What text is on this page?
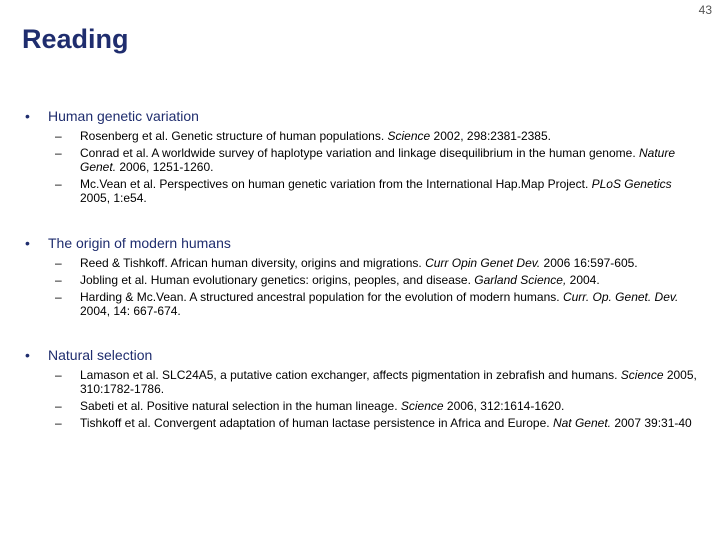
43
Reading
•	Human genetic variation
–	Rosenberg et al. Genetic structure of human populations. Science 2002, 298:2381-2385.
–	Conrad et al. A worldwide survey of haplotype variation and linkage disequilibrium in the human genome. Nature Genet. 2006, 1251-1260.
–	Mc.Vean et al. Perspectives on human genetic variation from the International Hap.Map Project. PLoS Genetics 2005, 1:e54.
•	The origin of modern humans
–	Reed & Tishkoff. African human diversity, origins and migrations. Curr Opin Genet Dev. 2006 16:597-605.
–	Jobling et al. Human evolutionary genetics: origins, peoples, and disease. Garland Science, 2004.
–	Harding & Mc.Vean. A structured ancestral population for the evolution of modern humans. Curr. Op. Genet. Dev. 2004, 14: 667-674.
•	Natural selection
–	Lamason et al. SLC24A5, a putative cation exchanger, affects pigmentation in zebrafish and humans. Science 2005, 310:1782-1786.
–	Sabeti et al. Positive natural selection in the human lineage. Science 2006, 312:1614-1620.
–	Tishkoff et al. Convergent adaptation of human lactase persistence in Africa and Europe. Nat Genet. 2007 39:31-40
